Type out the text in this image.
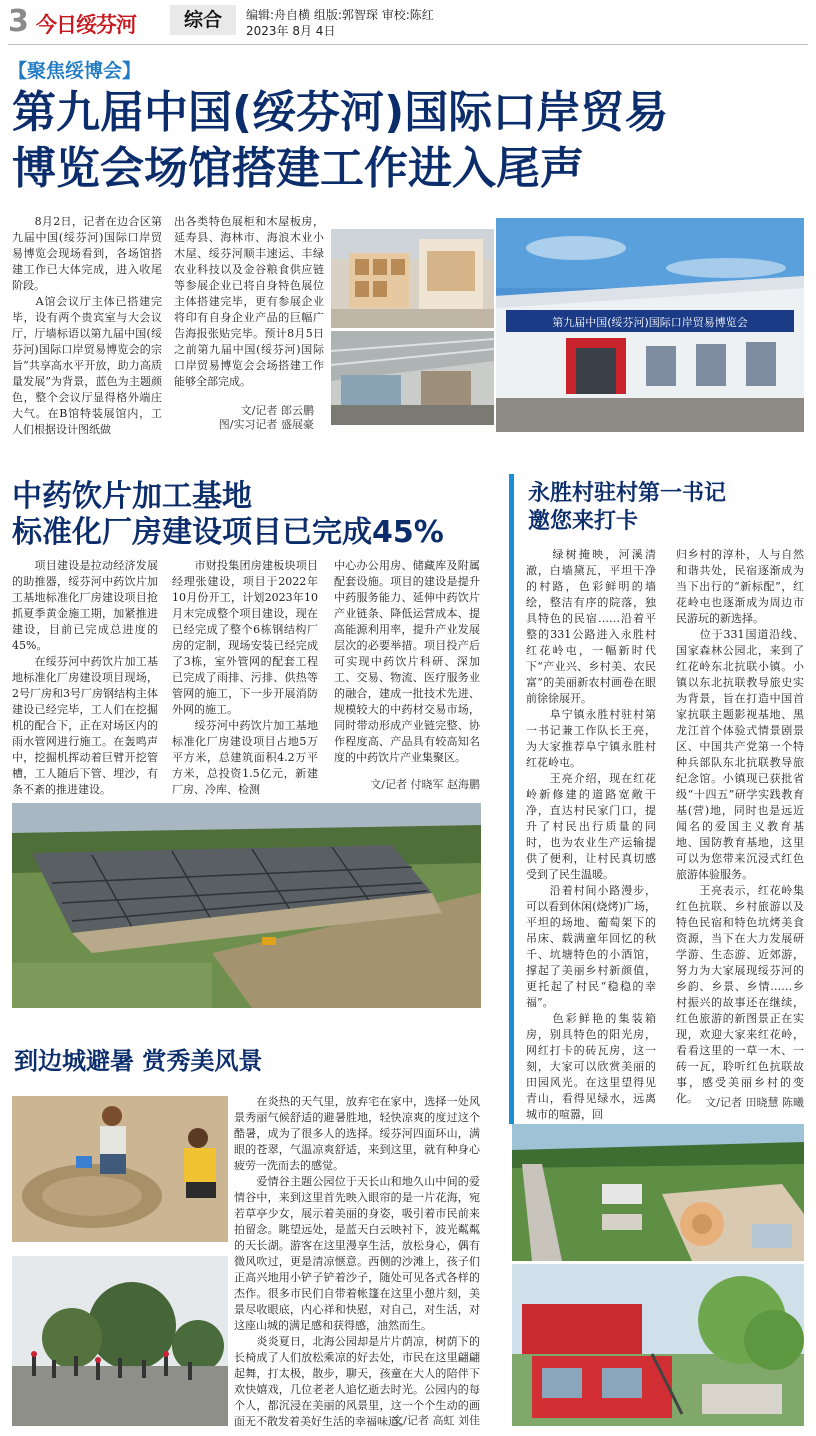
3 今日绥芬河	综合	编辑:舟自横 组版:郭智琛 审校:陈红
2023年 8月 4日
【聚焦绥博会】
第九届中国(绥芬河)国际口岸贸易
博览会场馆搭建工作进入尾声
　　8月2日，记者在边合区第九届中国(绥芬河)国际口岸贸易博览会现场看到，各场馆搭建工作已大体完成，进入收尾阶段。
　　A馆会议厅主体已搭建完毕，设有两个贵宾室与大会议厅，厅墙标语以第九届中国(绥芬河)国际口岸贸易博览会的宗旨“共享高水平开放，助力高质量发展”为背景，蓝色为主题颜色，整个会议厅显得格外端庄大气。在B馆特装展馆内，工人们根据设计图纸做
出各类特色展柜和木屋板房，延寿县、海林市、海浪木业小木屋、绥芬河顺丰速运、丰绿农业科技以及金谷粮食供应链等参展企业已将自身特色展位主体搭建完毕，更有参展企业将印有自身企业产品的巨幅广告海报张贴完毕。预计8月5日之前第九届中国(绥芬河)国际口岸贸易博览会会场搭建工作能够全部完成。
文/记者 郎云鹏
图/实习记者 盛展豪
第九届中国(绥芬河)国际口岸贸易博览会
中药饮片加工基地
标准化厂房建设项目已完成45%
　　项目建设是拉动经济发展的助推器，绥芬河中药饮片加工基地标准化厂房建设项目抢抓夏季黄金施工期，加紧推进建设，目前已完成总进度的45%。
　　在绥芬河中药饮片加工基地标准化厂房建设项目现场，2号厂房和3号厂房钢结构主体建设已经完毕，工人们在挖掘机的配合下，正在对场区内的雨水管网进行施工。在轰鸣声中，挖掘机挥动着巨臂开挖管槽，工人随后下管、埋沙，有条不紊的推进建设。
　　市财投集团房建板块项目经理张建设，项目于2022年10月份开工，计划2023年10月末完成整个项目建设，现在已经完成了整个6栋钢结构厂房的定制，现场安装已经完成了3栋，室外管网的配套工程已完成了雨排、污排、供热等管网的施工，下一步开展消防外网的施工。
　　绥芬河中药饮片加工基地标准化厂房建设项目占地5万平方米，总建筑面积4.2万平方米，总投资1.5亿元，新建厂房、冷库、检测
中心办公用房、储藏库及附属配套设施。项目的建设是提升中药服务能力、延伸中药饮片产业链条、降低运营成本、提高能源利用率，提升产业发展层次的必要举措。项目投产后可实现中药饮片科研、深加工、交易、物流、医疗服务业的融合，建成一批技术先进、规模较大的中药材交易市场，同时带动形成产业链完整、协作程度高、产品具有较高知名度的中药饮片产业集聚区。
文/记者 付晓军 赵海鹏
永胜村驻村第一书记
邀您来打卡
　　绿树掩映，河溪清澈，白墙黛瓦，平坦干净的村路，色彩鲜明的墙绘，整洁有序的院落，独具特色的民宿……沿着平整的331公路进入永胜村红花岭屯，一幅新时代下“产业兴、乡村美、农民富”的美丽新农村画卷在眼前徐徐展开。
　　阜宁镇永胜村驻村第一书记兼工作队长王亮，为大家推荐阜宁镇永胜村红花岭屯。
　　王亮介绍，现在红花岭新修建的道路宽敞干净，直达村民家门口，提升了村民出行质量的同时，也为农业生产运输提供了便利，让村民真切感受到了民生温暖。
　　沿着村间小路漫步，可以看到休闲(烧烤)广场，平坦的场地、葡萄架下的吊床、载满童年回忆的秋千、坑塘特色的小酒馆，撑起了美丽乡村新颜值，更托起了村民“稳稳的幸福”。
　　色彩鲜艳的集装箱房，别具特色的阳光房，网红打卡的砖瓦房，这一刻，大家可以欣赏美丽的田园风光。在这里望得见青山，看得见绿水，远离城市的喧嚣，回
归乡村的淳朴，人与自然和谐共处，民宿逐渐成为当下出行的“新标配”，红花岭屯也逐渐成为周边市民游玩的新选择。
　　位于331国道沿线、国家森林公园北，来到了红花岭东北抗联小镇。小镇以东北抗联教导旅史实为背景，旨在打造中国首家抗联主题影视基地、黑龙江首个体验式情景剧景区、中国共产党第一个特种兵部队东北抗联教导旅纪念馆。小镇现已获批省级“十四五”研学实践教育基(营)地，同时也是远近闻名的爱国主义教育基地、国防教育基地，这里可以为您带来沉浸式红色旅游体验服务。
　　王亮表示，红花岭集红色抗联、乡村旅游以及特色民宿和特色坑烤美食资源，当下在大力发展研学游、生态游、近郊游，努力为大家展现绥芬河的乡韵、乡景、乡情……乡村振兴的故事还在继续，红色旅游的新图景正在实现，欢迎大家来红花岭，看看这里的一草一木、一砖一瓦，聆听红色抗联故事，感受美丽乡村的变化。 文/记者 田晓慧 陈曦
到边城避暑 赏秀美风景
　　在炎热的天气里，放弃宅在家中，选择一处风景秀丽气候舒适的避暑胜地，轻快凉爽的度过这个酷暑，成为了很多人的选择。绥芬河四面环山，满眼的苍翠，气温凉爽舒适，来到这里，就有种身心疲劳一洗而去的感觉。
　　爱情谷主题公园位于天长山和地久山中间的爱情谷中，来到这里首先映入眼帘的是一片花海，宛若草亭少女，展示着美丽的身姿，吸引着市民前来拍留念。眺望远处，是蓝天白云映衬下，波光粼粼的天长湖。游客在这里漫享生活，放松身心，偶有微风吹过，更是清凉惬意。西侧的沙滩上，孩子们正高兴地用小铲子铲着沙子，随处可见各式各样的杰作。很多市民们自带着帐篷在这里小憩片刻，美景尽收眼底，内心祥和快慰，对自己，对生活，对这座山城的满足感和获得感，油然而生。
　　炎炎夏日，北海公园却是片片荫凉，树荫下的长椅成了人们放松乘凉的好去处，市民在这里翩翩起舞，打太极，散步，聊天，孩童在大人的陪伴下欢快嬉戏，几位老老人追忆逝去时光。公园内的每个人，都沉浸在美丽的风景里，这一个个生动的画面无不散发着美好生活的幸福味道。
文/记者 高虹 刘佳
